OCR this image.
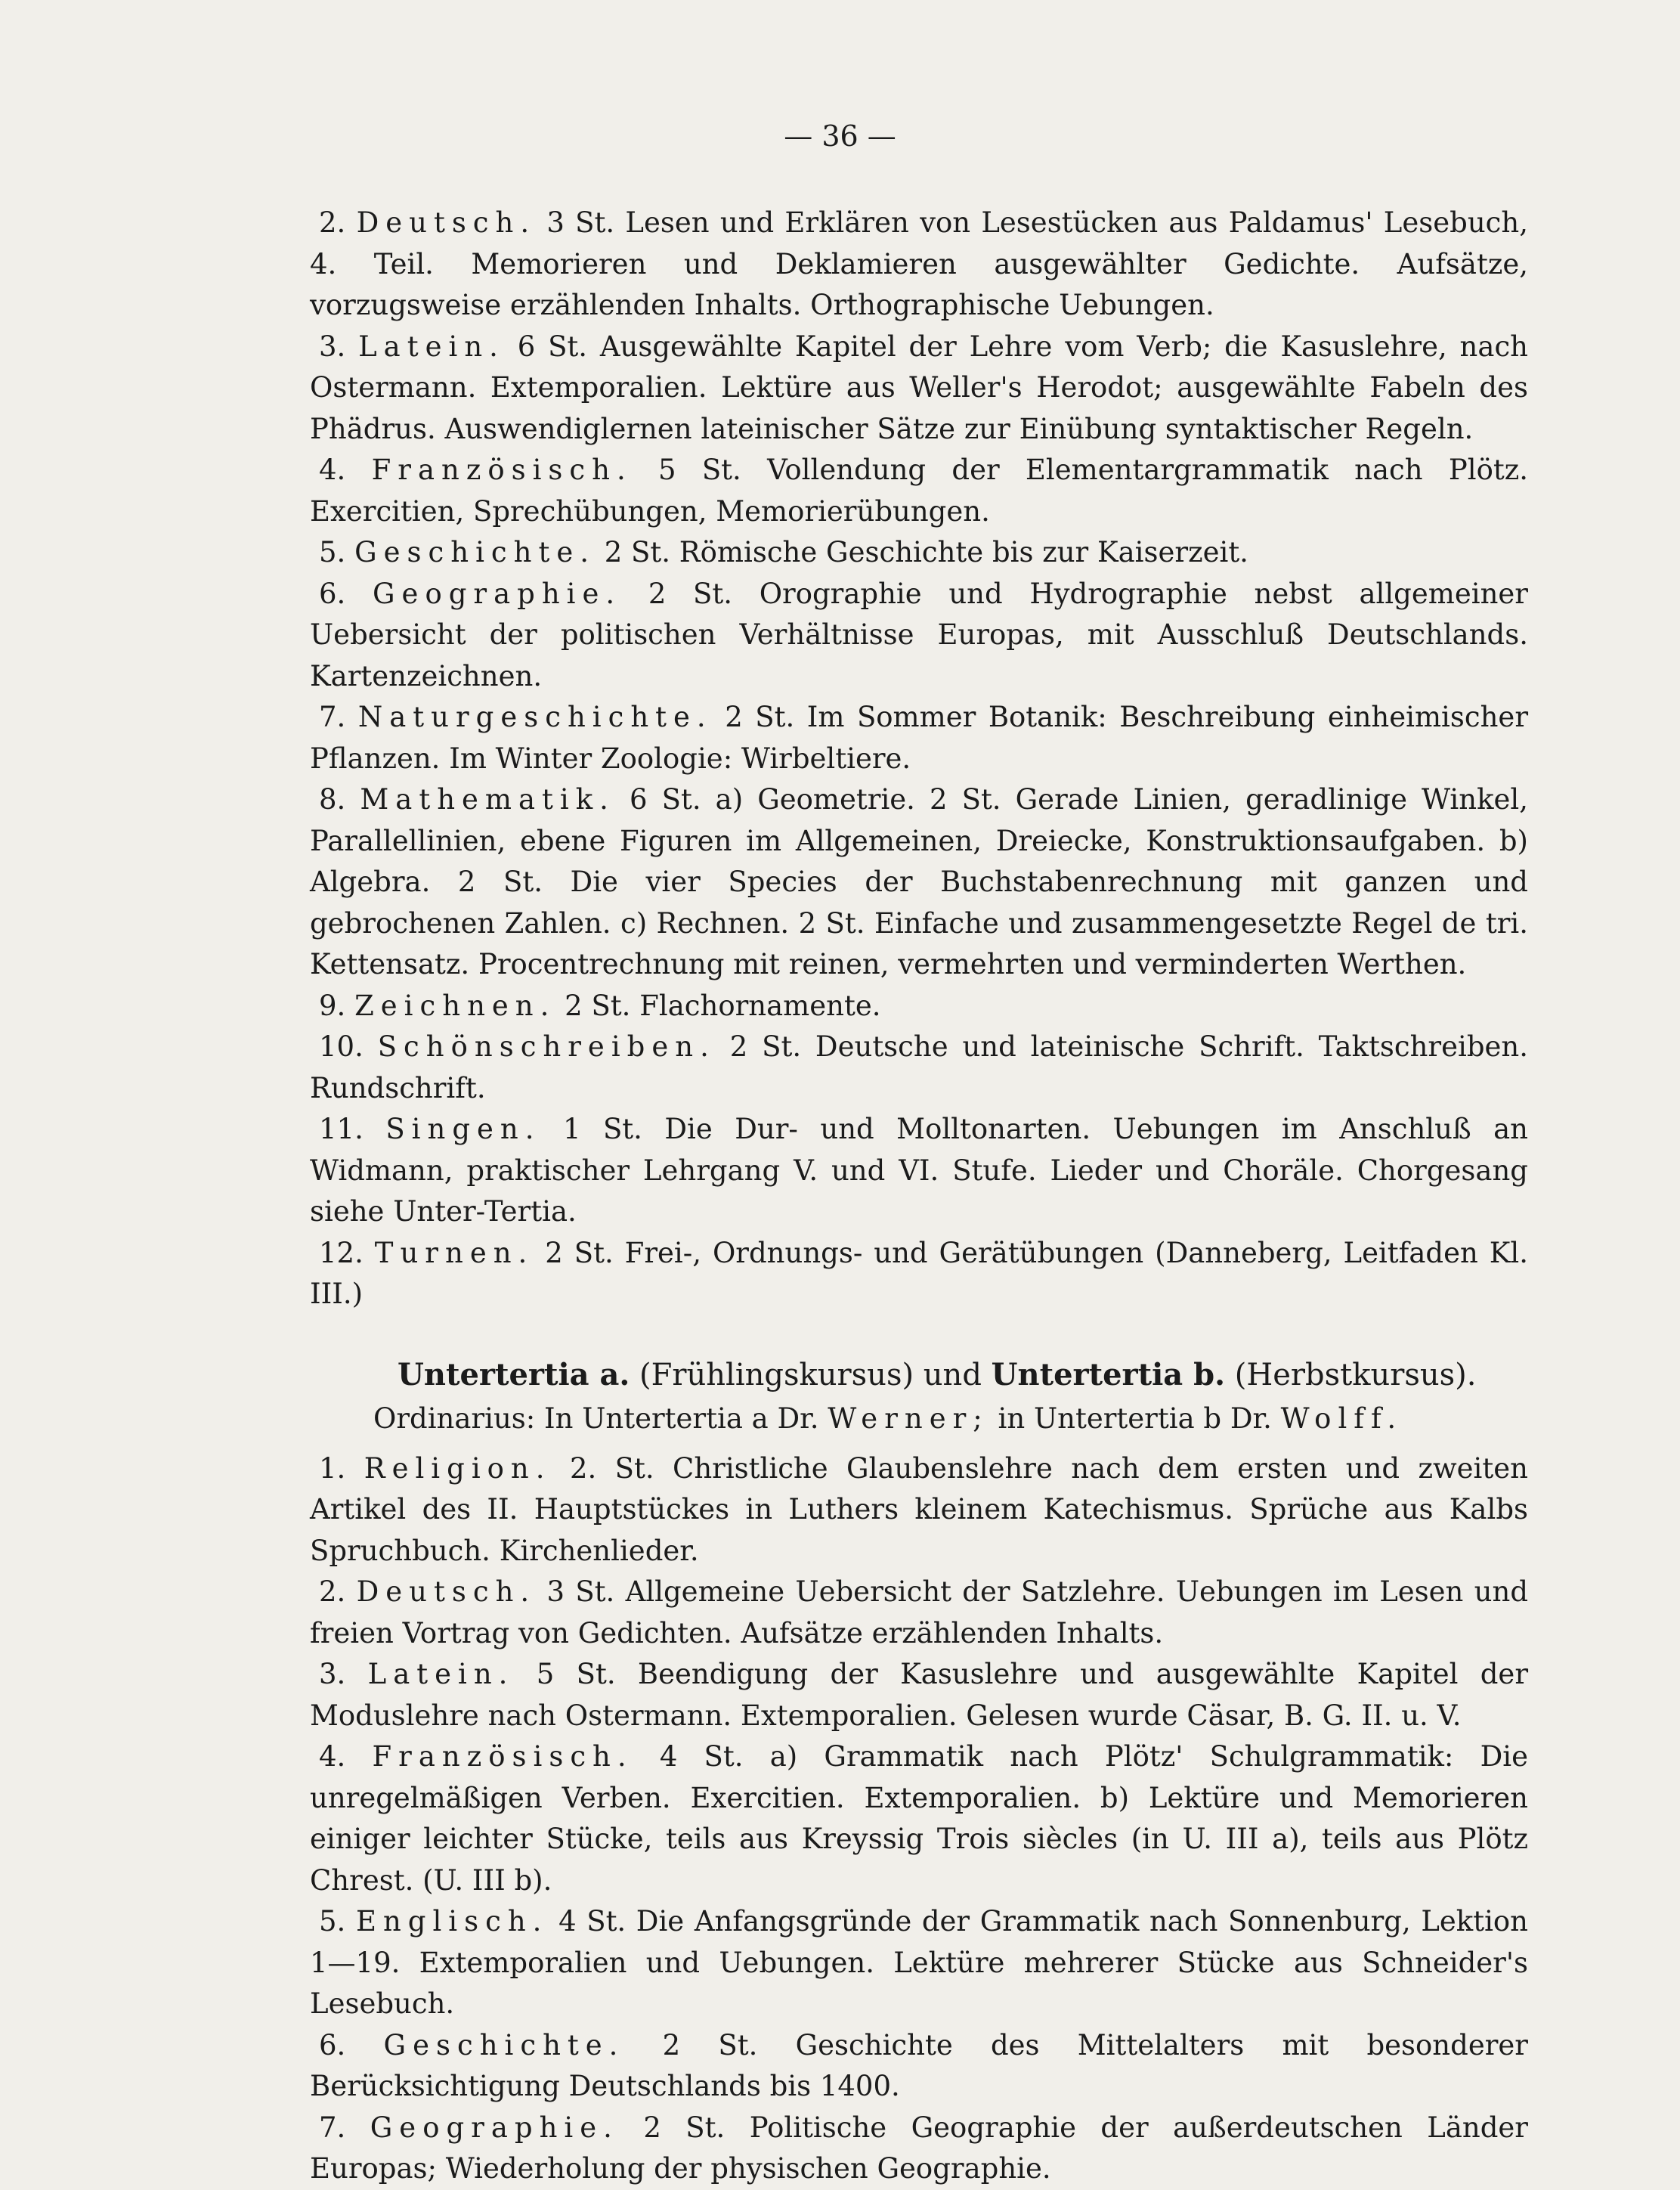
— 36 —

2. Deutsch. 3 St. Lesen und Erklären von Lesestücken aus Paldamus' Lesebuch, 4. Teil. Memorieren und Deklamieren ausgewählter Gedichte. Aufsätze, vorzugsweise erzählenden Inhalts. Orthographische Uebungen.

3. Latein. 6 St. Ausgewählte Kapitel der Lehre vom Verb; die Kasuslehre, nach Ostermann. Extemporalien. Lektüre aus Weller's Herodot; ausgewählte Fabeln des Phädrus. Auswendiglernen lateinischer Sätze zur Einübung syntaktischer Regeln.

4. Französisch. 5 St. Vollendung der Elementargrammatik nach Plötz. Exercitien, Sprechübungen, Memorierübungen.

5. Geschichte. 2 St. Römische Geschichte bis zur Kaiserzeit.

6. Geographie. 2 St. Orographie und Hydrographie nebst allgemeiner Uebersicht der politischen Verhältnisse Europas, mit Ausschluß Deutschlands. Kartenzeichnen.

7. Naturgeschichte. 2 St. Im Sommer Botanik: Beschreibung einheimischer Pflanzen. Im Winter Zoologie: Wirbeltiere.

8. Mathematik. 6 St. a) Geometrie. 2 St. Gerade Linien, geradlinige Winkel, Parallellinien, ebene Figuren im Allgemeinen, Dreiecke, Konstruktionsaufgaben. b) Algebra. 2 St. Die vier Species der Buchstabenrechnung mit ganzen und gebrochenen Zahlen. c) Rechnen. 2 St. Einfache und zusammengesetzte Regel de tri. Kettensatz. Procentrechnung mit reinen, vermehrten und verminderten Werthen.

9. Zeichnen. 2 St. Flachornamente.

10. Schönschreiben. 2 St. Deutsche und lateinische Schrift. Taktschreiben. Rundschrift.

11. Singen. 1 St. Die Dur- und Molltonarten. Uebungen im Anschluß an Widmann, praktischer Lehrgang V. und VI. Stufe. Lieder und Choräle. Chorgesang siehe Unter-Tertia.

12. Turnen. 2 St. Frei-, Ordnungs- und Gerätübungen (Danneberg, Leitfaden Kl. III.)

Untertertia a. (Frühlingskursus) und Untertertia b. (Herbstkursus).
Ordinarius: In Untertertia a Dr. Werner; in Untertertia b Dr. Wolff.

1. Religion. 2. St. Christliche Glaubenslehre nach dem ersten und zweiten Artikel des II. Hauptstückes in Luthers kleinem Katechismus. Sprüche aus Kalbs Spruchbuch. Kirchenlieder.

2. Deutsch. 3 St. Allgemeine Uebersicht der Satzlehre. Uebungen im Lesen und freien Vortrag von Gedichten. Aufsätze erzählenden Inhalts.

3. Latein. 5 St. Beendigung der Kasuslehre und ausgewählte Kapitel der Moduslehre nach Ostermann. Extemporalien. Gelesen wurde Cäsar, B. G. II. u. V.

4. Französisch. 4 St. a) Grammatik nach Plötz' Schulgrammatik: Die unregelmäßigen Verben. Exercitien. Extemporalien. b) Lektüre und Memorieren einiger leichter Stücke, teils aus Kreyssig Trois siècles (in U. III a), teils aus Plötz Chrest. (U. III b).

5. Englisch. 4 St. Die Anfangsgründe der Grammatik nach Sonnenburg, Lektion 1—19. Extemporalien und Uebungen. Lektüre mehrerer Stücke aus Schneider's Lesebuch.

6. Geschichte. 2 St. Geschichte des Mittelalters mit besonderer Berücksichtigung Deutschlands bis 1400.

7. Geographie. 2 St. Politische Geographie der außerdeutschen Länder Europas; Wiederholung der physischen Geographie.
